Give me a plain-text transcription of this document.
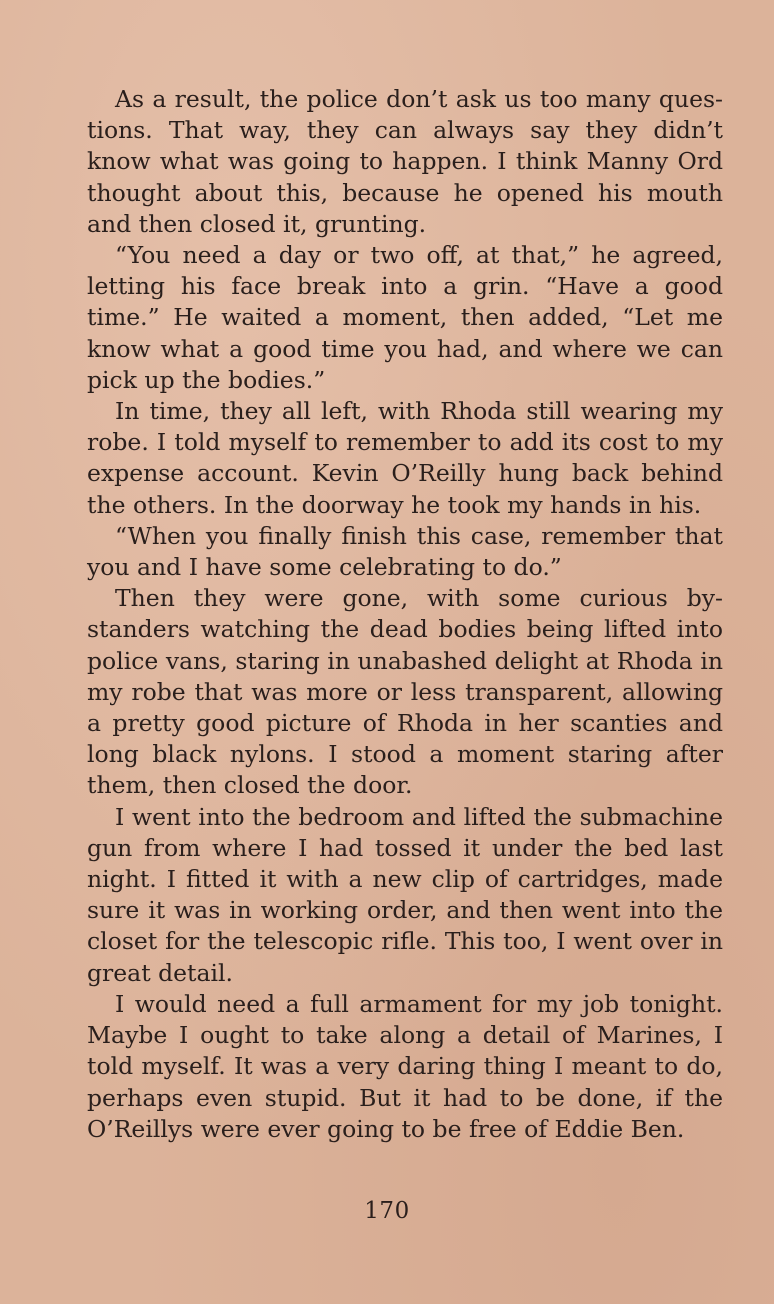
As a result, the police don’t ask us too many questions. That way, they can always say they didn’t know what was going to happen. I think Manny Ord thought about this, because he opened his mouth and then closed it, grunting.

“You need a day or two off, at that,” he agreed, letting his face break into a grin. “Have a good time.” He waited a moment, then added, “Let me know what a good time you had, and where we can pick up the bodies.”

In time, they all left, with Rhoda still wearing my robe. I told myself to remember to add its cost to my expense account. Kevin O’Reilly hung back behind the others. In the doorway he took my hands in his.

“When you finally finish this case, remember that you and I have some celebrating to do.”

Then they were gone, with some curious bystanders watching the dead bodies being lifted into police vans, staring in unabashed delight at Rhoda in my robe that was more or less transparent, allowing a pretty good picture of Rhoda in her scanties and long black nylons. I stood a moment staring after them, then closed the door.

I went into the bedroom and lifted the submachine gun from where I had tossed it under the bed last night. I fitted it with a new clip of cartridges, made sure it was in working order, and then went into the closet for the telescopic rifle. This too, I went over in great detail.

I would need a full armament for my job tonight. Maybe I ought to take along a detail of Marines, I told myself. It was a very daring thing I meant to do, perhaps even stupid. But it had to be done, if the O’Reillys were ever going to be free of Eddie Ben.

170
